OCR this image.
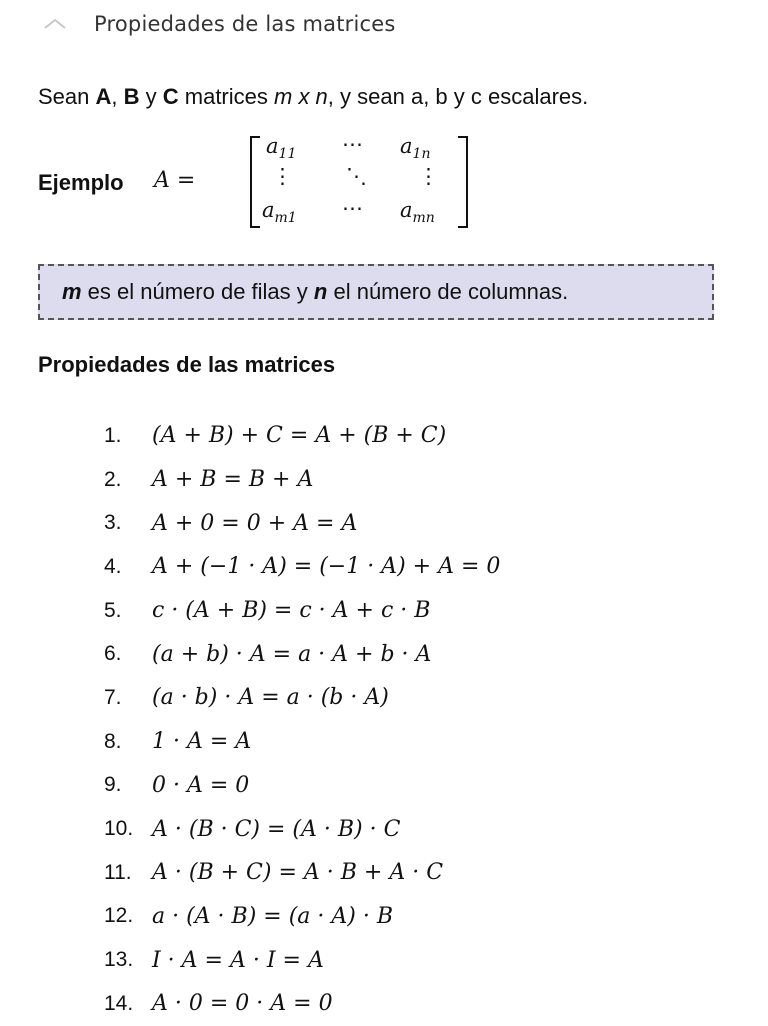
Propiedades de las matrices
Sean A, B y C matrices m x n, y sean a, b y c escalares.
Ejemplo A =
$a_{11}$ ⋯ $a_{1n}$
⋮	⋱ ⋮
$a_{m1}$ ⋯ $a_{mn}$
m es el número de filas y n el número de columnas.
Propiedades de las matrices
1.	(A + B) + C = A + (B + C)
2.	A + B = B + A
3.	A + 0 = 0 + A = A
4.	A + (−1 · A) = (−1 · A) + A = 0
5.	c · (A + B) = c · A + c · B
6.	(a + b) · A = a · A + b · A
7.	(a · b) · A = a · (b · A)
8.	1 · A = A
9.	0 · A = 0
10. A · (B · C) = (A · B) · C
11. A · (B + C) = A · B + A · C
12. a · (A · B) = (a · A) · B
13. I · A = A · I = A
14. A · 0 = 0 · A = 0
